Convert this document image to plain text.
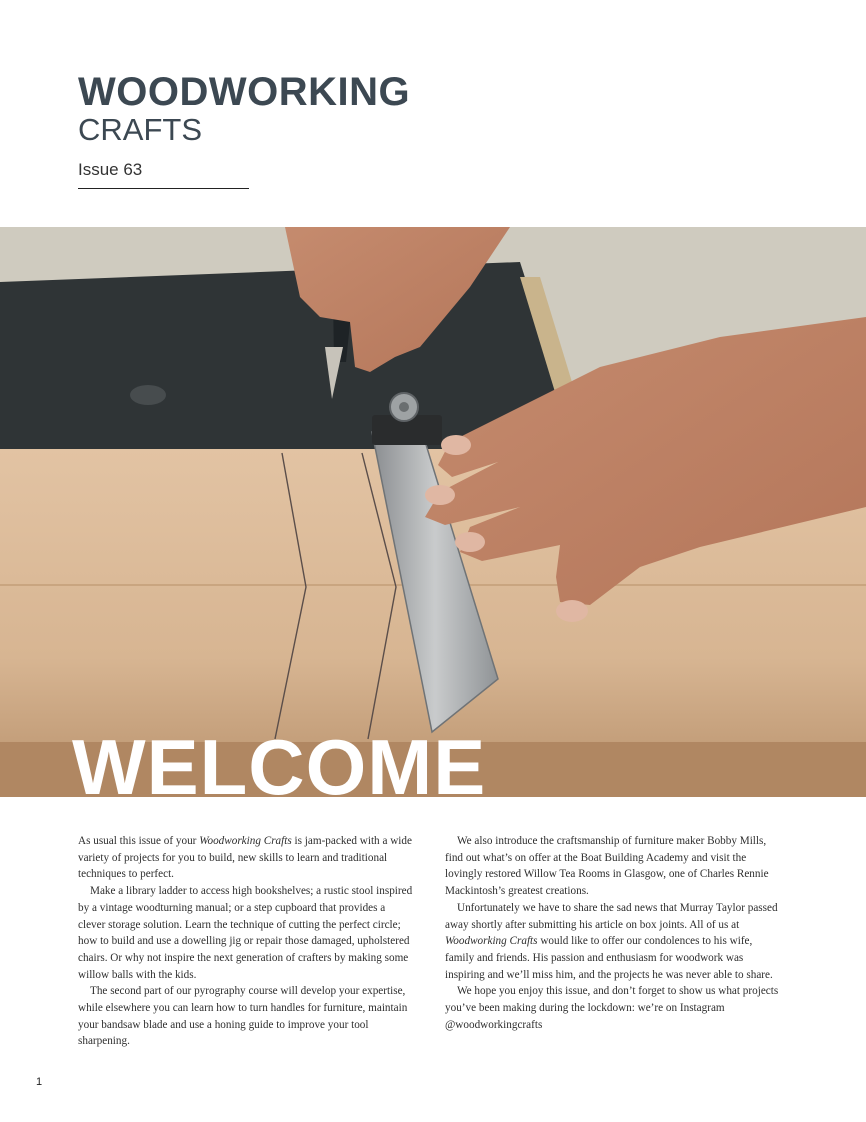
WOODWORKING
CRAFTS
Issue 63
WELCOME

As usual this issue of your Woodworking Crafts is jam-packed with a wide variety of projects for you to build, new skills to learn and traditional techniques to perfect.

Make a library ladder to access high bookshelves; a rustic stool inspired by a vintage woodturning manual; or a step cupboard that provides a clever storage solution. Learn the technique of cutting the perfect circle; how to build and use a dowelling jig or repair those damaged, upholstered chairs. Or why not inspire the next generation of crafters by making some willow balls with the kids.

The second part of our pyrography course will develop your expertise, while elsewhere you can learn how to turn handles for furniture, maintain your bandsaw blade and use a honing guide to improve your tool sharpening.

We also introduce the craftsmanship of furniture maker Bobby Mills, find out what’s on offer at the Boat Building Academy and visit the lovingly restored Willow Tea Rooms in Glasgow, one of Charles Rennie Mackintosh’s greatest creations.

Unfortunately we have to share the sad news that Murray Taylor passed away shortly after submitting his article on box joints. All of us at Woodworking Crafts would like to offer our condolences to his wife, family and friends. His passion and enthusiasm for woodwork was inspiring and we’ll miss him, and the projects he was never able to share.

We hope you enjoy this issue, and don’t forget to show us what projects you’ve been making during the lockdown: we’re on Instagram @woodworkingcrafts

1
